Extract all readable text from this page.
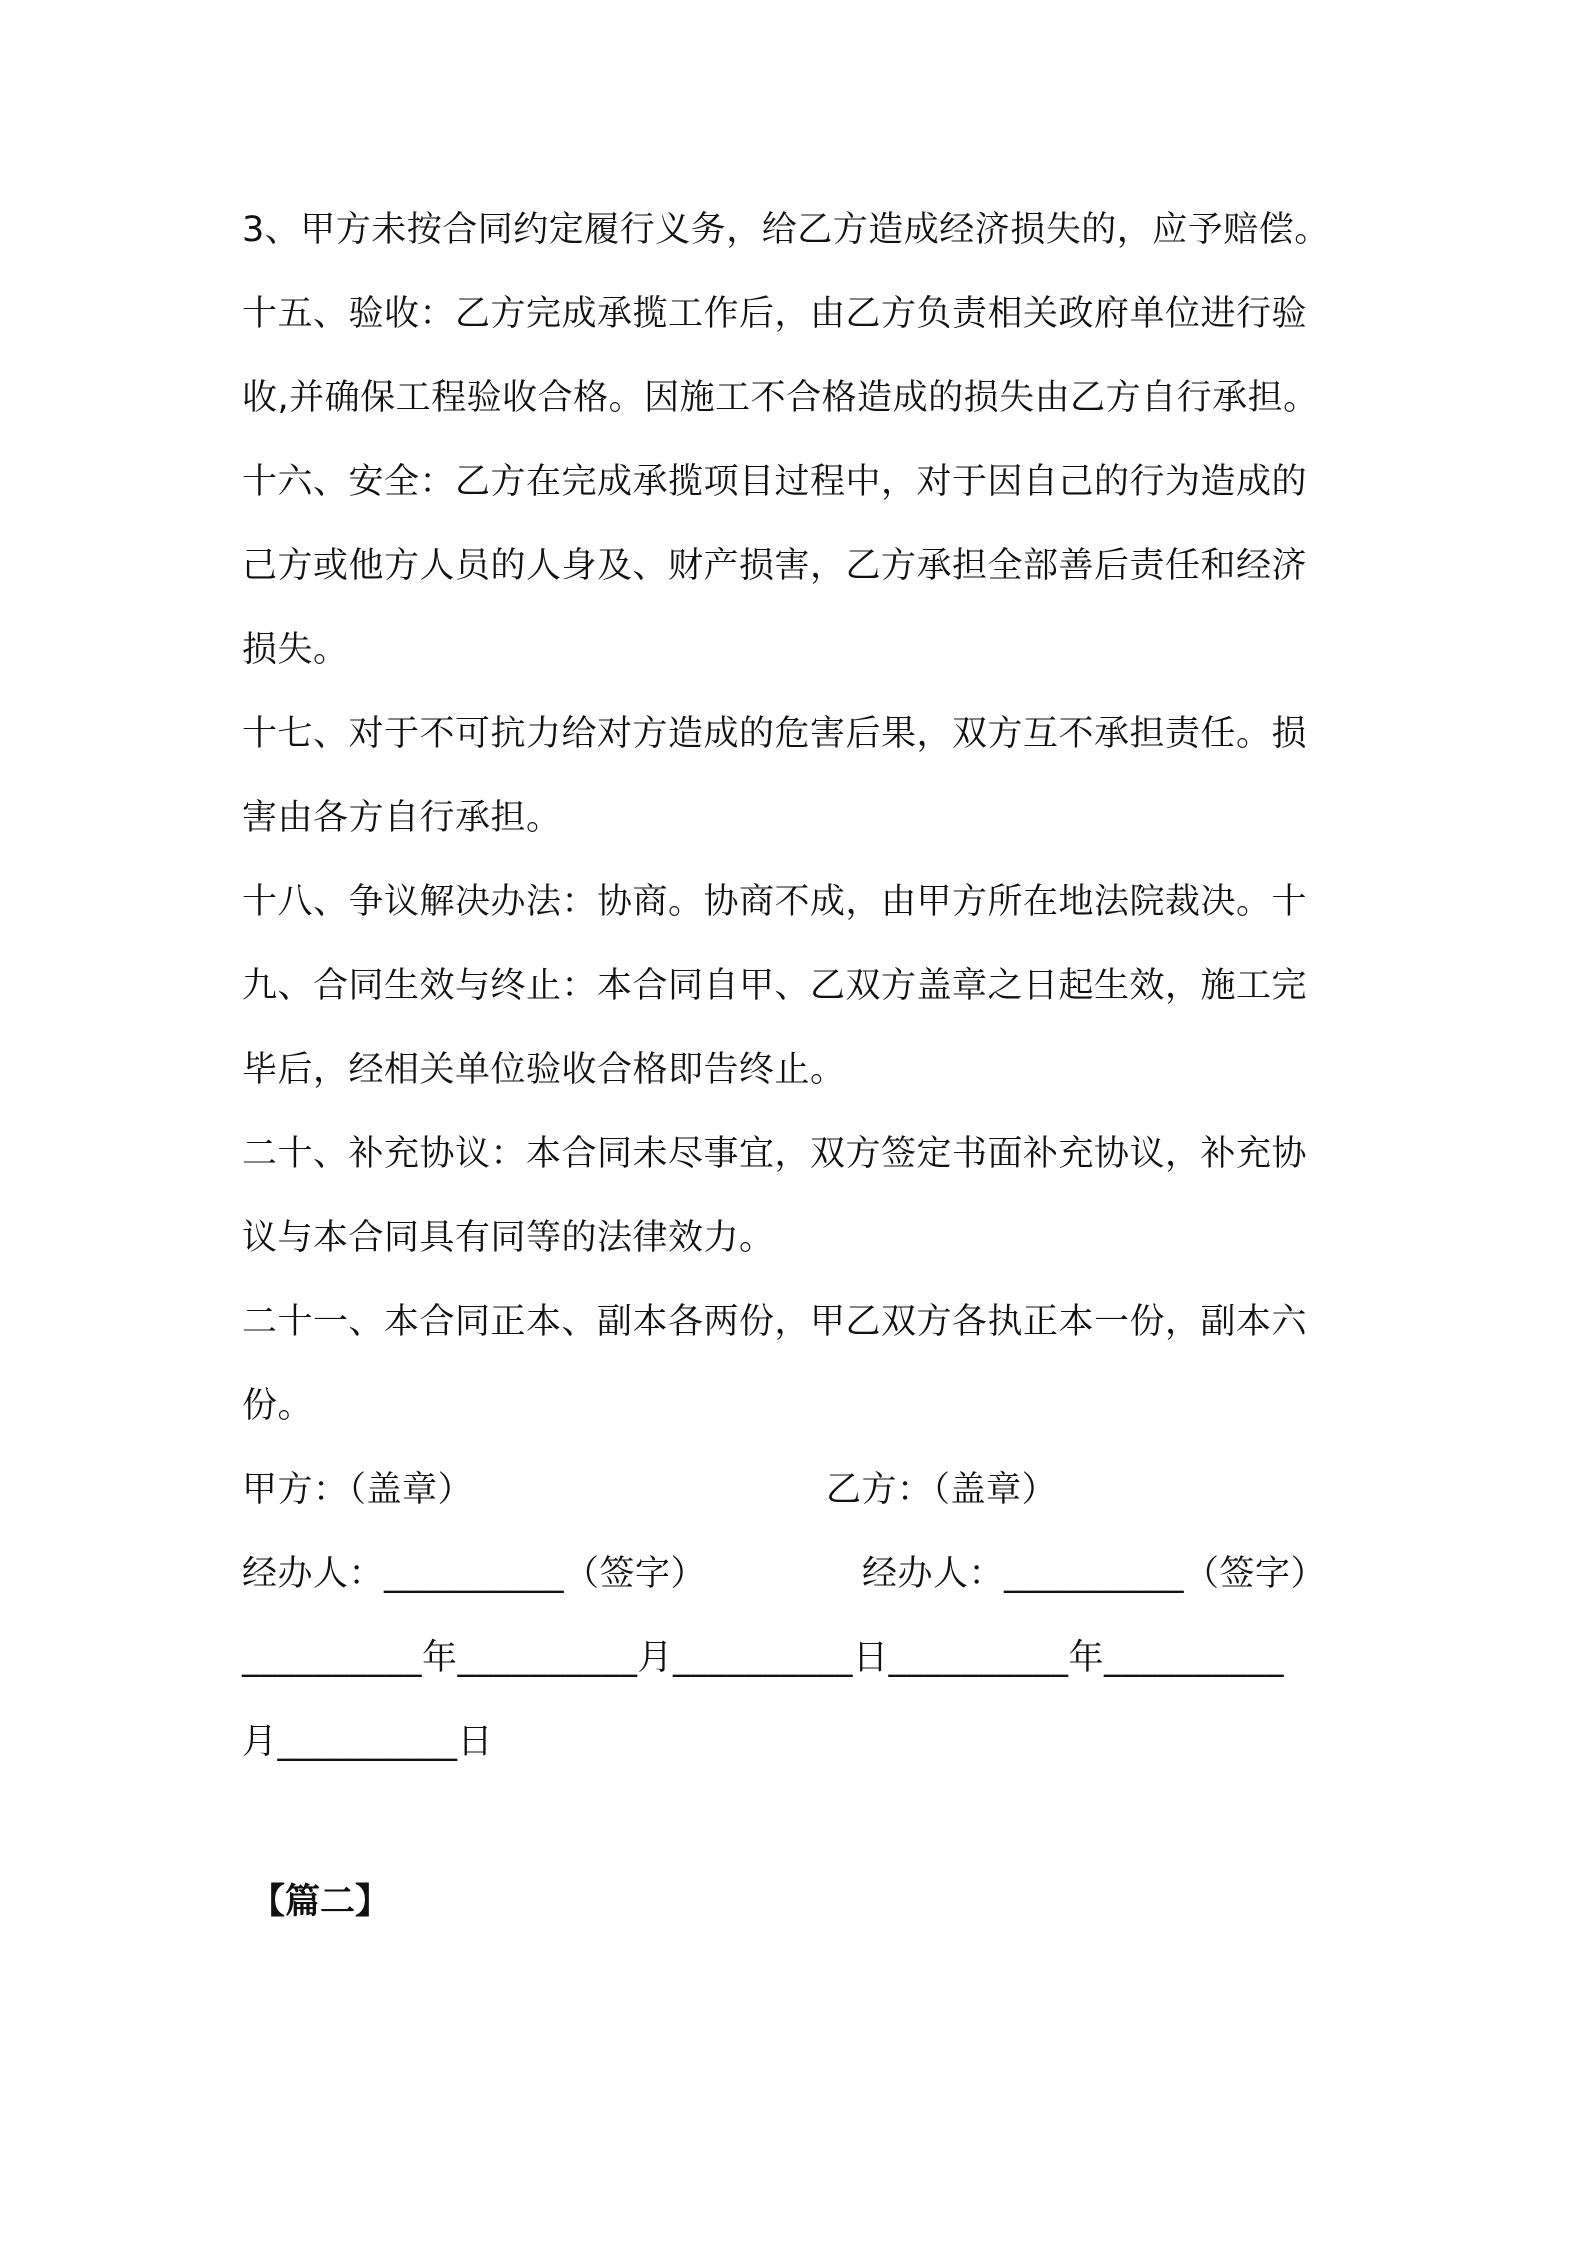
3、甲方未按合同约定履行义务，给乙方造成经济损失的，应予赔偿。
十五、验收：乙方完成承揽工作后，由乙方负责相关政府单位进行验
收,并确保工程验收合格。因施工不合格造成的损失由乙方自行承担。
十六、安全：乙方在完成承揽项目过程中，对于因自己的行为造成的
己方或他方人员的人身及、财产损害，乙方承担全部善后责任和经济
损失。
十七、对于不可抗力给对方造成的危害后果，双方互不承担责任。损
害由各方自行承担。
十八、争议解决办法：协商。协商不成，由甲方所在地法院裁决。十
九、合同生效与终止：本合同自甲、乙双方盖章之日起生效，施工完
毕后，经相关单位验收合格即告终止。
二十、补充协议：本合同未尽事宜，双方签定书面补充协议，补充协
议与本合同具有同等的法律效力。
二十一、本合同正本、副本各两份，甲乙双方各执正本一份，副本六
份。
甲方：（盖章）	乙方：（盖章）
经办人：__________（签字）	经办人：__________（签字）
__________年__________月__________日__________年__________
月__________日
【篇二】
